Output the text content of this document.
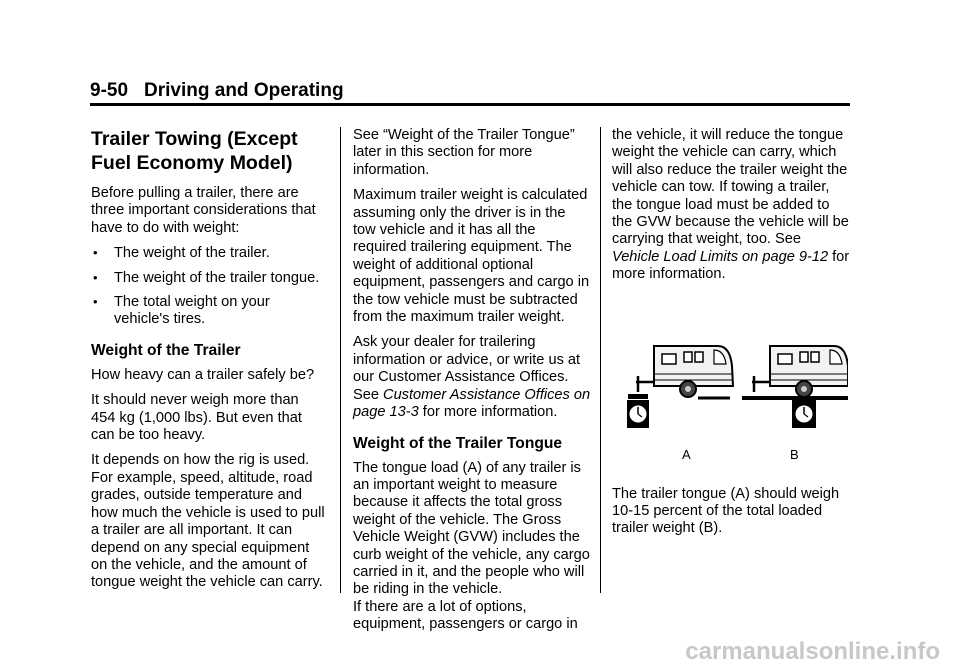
9-50 Driving and Operating
Trailer Towing (Except Fuel Economy Model)

Before pulling a trailer, there are three important considerations that have to do with weight:

• The weight of the trailer.
• The weight of the trailer tongue.
• The total weight on your vehicle's tires.
Weight of the Trailer

How heavy can a trailer safely be?

It should never weigh more than 454 kg (1,000 lbs). But even that can be too heavy.

It depends on how the rig is used. For example, speed, altitude, road grades, outside temperature and how much the vehicle is used to pull a trailer are all important. It can depend on any special equipment on the vehicle, and the amount of tongue weight the vehicle can carry.

See “Weight of the Trailer Tongue” later in this section for more information.

Maximum trailer weight is calculated assuming only the driver is in the tow vehicle and it has all the required trailering equipment. The weight of additional optional equipment, passengers and cargo in the tow vehicle must be subtracted from the maximum trailer weight.

Ask your dealer for trailering information or advice, or write us at our Customer Assistance Offices. See Customer Assistance Offices on page 13-3 for more information.

Weight of the Trailer Tongue

The tongue load (A) of any trailer is an important weight to measure because it affects the total gross weight of the vehicle. The Gross Vehicle Weight (GVW) includes the curb weight of the vehicle, any cargo carried in it, and the people who will be riding in the vehicle.

If there are a lot of options, equipment, passengers or cargo in

the vehicle, it will reduce the tongue weight the vehicle can carry, which will also reduce the trailer weight the vehicle can tow. If towing a trailer, the tongue load must be added to the GVW because the vehicle will be carrying that weight, too. See Vehicle Load Limits on page 9-12 for more information.

A	B

The trailer tongue (A) should weigh 10-15 percent of the total loaded trailer weight (B).

carmanualsonline.info
